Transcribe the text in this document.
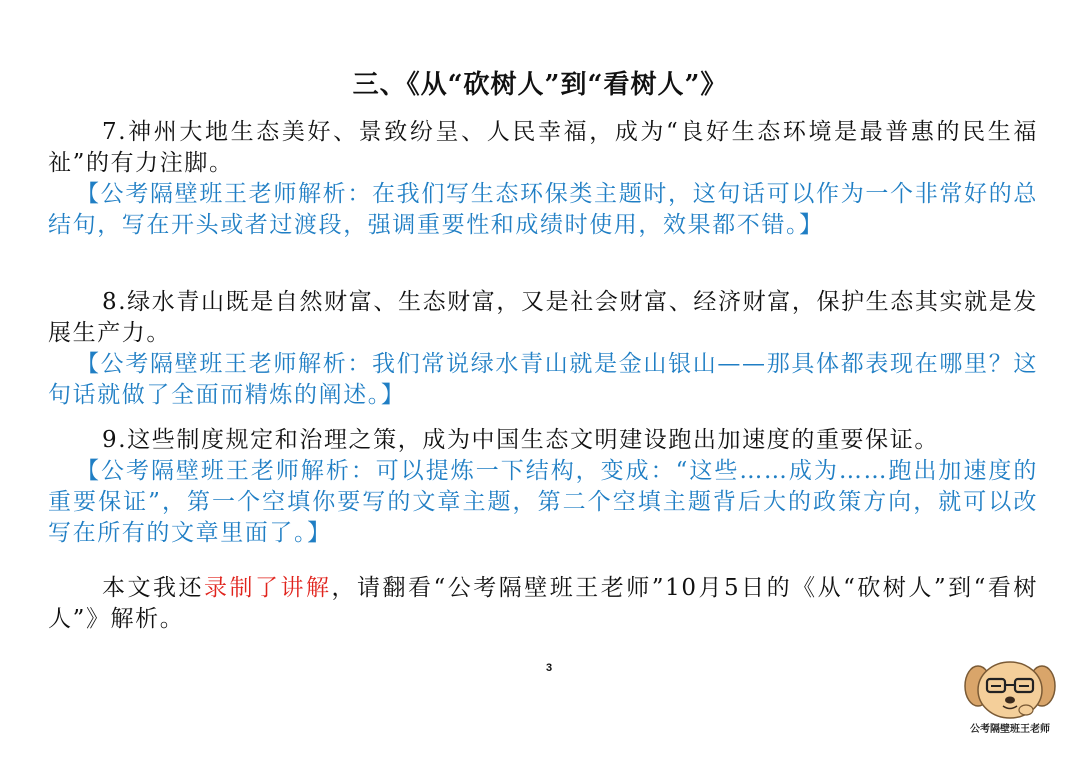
三、《从“砍树人”到“看树人”》

7.神州大地生态美好、景致纷呈、人民幸福，成为“良好生态环境是最普惠的民生福祉”的有力注脚。

【公考隔壁班王老师解析：在我们写生态环保类主题时，这句话可以作为一个非常好的总结句，写在开头或者过渡段，强调重要性和成绩时使用，效果都不错。】

8.绿水青山既是自然财富、生态财富，又是社会财富、经济财富，保护生态其实就是发展生产力。

【公考隔壁班王老师解析：我们常说绿水青山就是金山银山——那具体都表现在哪里？这句话就做了全面而精炼的阐述。】

9.这些制度规定和治理之策，成为中国生态文明建设跑出加速度的重要保证。

【公考隔壁班王老师解析：可以提炼一下结构，变成：“这些……成为……跑出加速度的重要保证”，第一个空填你要写的文章主题，第二个空填主题背后大的政策方向，就可以改写在所有的文章里面了。】

本文我还录制了讲解，请翻看“公考隔壁班王老师”10月5日的《从“砍树人”到“看树人”》解析。

3
公考隔壁班王老师
